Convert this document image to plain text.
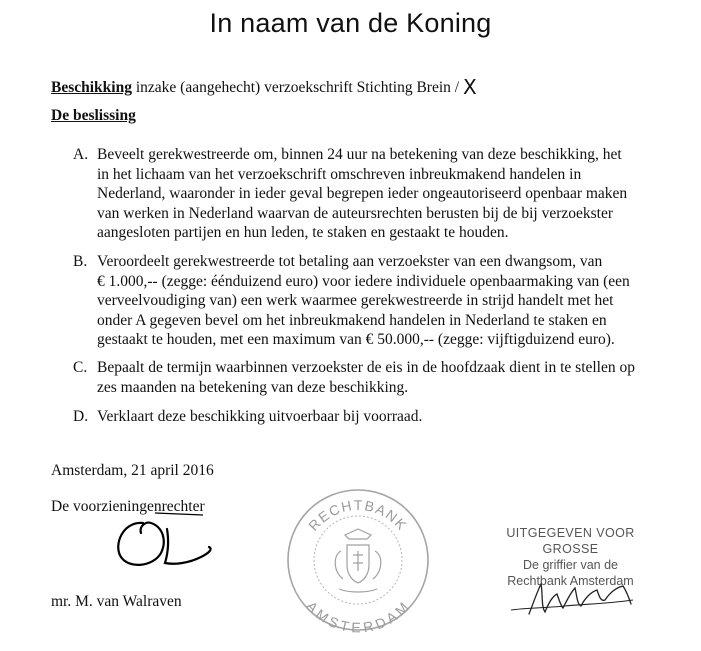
In naam van de Koning
Beschikking inzake (aangehecht) verzoekschrift Stichting Brein / X
De beslissing
A. Beveelt gerekwestreerde om, binnen 24 uur na betekening van deze beschikking, het
in het lichaam van het verzoekschrift omschreven inbreukmakend handelen in
Nederland, waaronder in ieder geval begrepen ieder ongeautoriseerd openbaar maken
van werken in Nederland waarvan de auteursrechten berusten bij de bij verzoekster
aangesloten partijen en hun leden, te staken en gestaakt te houden.
B. Veroordeelt gerekwestreerde tot betaling aan verzoekster van een dwangsom, van
€ 1.000,-- (zegge: éénduizend euro) voor iedere individuele openbaarmaking van (een
verveelvoudiging van) een werk waarmee gerekwestreerde in strijd handelt met het
onder A gegeven bevel om het inbreukmakend handelen in Nederland te staken en
gestaakt te houden, met een maximum van € 50.000,-- (zegge: vijftigduizend euro).
C. Bepaalt de termijn waarbinnen verzoekster de eis in de hoofdzaak dient in te stellen op
zes maanden na betekening van deze beschikking.
D. Verklaart deze beschikking uitvoerbaar bij voorraad.
Amsterdam, 21 april 2016
De voorzieningenrechter
mr. M. van Walraven
RECHTBANK
AMSTERDAM
UITGEGEVEN VOOR GROSSE
De griffier van de
Rechtbank Amsterdam
